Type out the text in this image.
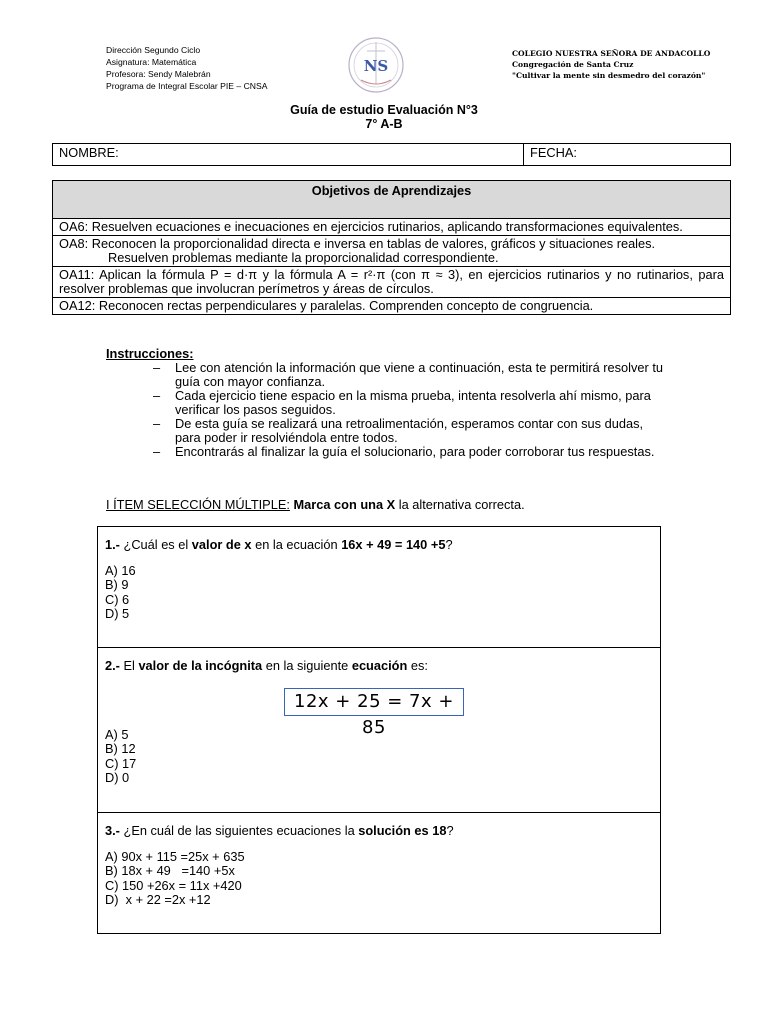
Dirección Segundo Ciclo
Asignatura: Matemática
Profesora: Sendy Malebrán
Programa de Integral Escolar PIE – CNSA
NS
COLEGIO NUESTRA SEÑORA DE ANDACOLLO
Congregación de Santa Cruz
"Cultivar la mente sin desmedro del corazón"
Guía de estudio Evaluación N°3
7° A-B
NOMBRE:	FECHA:
Objetivos de Aprendizajes
OA6: Resuelven ecuaciones e inecuaciones en ejercicios rutinarios, aplicando transformaciones equivalentes.

OA8: Reconocen la proporcionalidad directa e inversa en tablas de valores, gráficos y situaciones reales.
Resuelven problemas mediante la proporcionalidad correspondiente.

OA11: Aplican la fórmula P = d·π y la fórmula A = r²·π (con π ≈ 3), en ejercicios rutinarios y no rutinarios, para resolver problemas que involucran perímetros y áreas de círculos.
OA12: Reconocen rectas perpendiculares y paralelas. Comprenden concepto de congruencia.
Instrucciones:
– Lee con atención la información que viene a continuación, esta te permitirá resolver tu guía con mayor confianza.
– Cada ejercicio tiene espacio en la misma prueba, intenta resolverla ahí mismo, para verificar los pasos seguidos.
– De esta guía se realizará una retroalimentación, esperamos contar con sus dudas, para poder ir resolviéndola entre todos.
– Encontrarás al finalizar la guía el solucionario, para poder corroborar tus respuestas.
I ÍTEM SELECCIÓN MÚLTIPLE: Marca con una X la alternativa correcta.
1.- ¿Cuál es el valor de x en la ecuación 16x + 49 = 140 +5?
A) 16
B) 9
C) 6
D) 5
2.- El valor de la incógnita en la siguiente ecuación es:
12x + 25 = 7x + 85
A) 5
B) 12
C) 17
D) 0
3.- ¿En cuál de las siguientes ecuaciones la solución es 18?
A) 90x + 115 =25x + 635
B) 18x + 49   =140 +5x
C) 150 +26x = 11x +420
D)  x + 22 =2x +12
